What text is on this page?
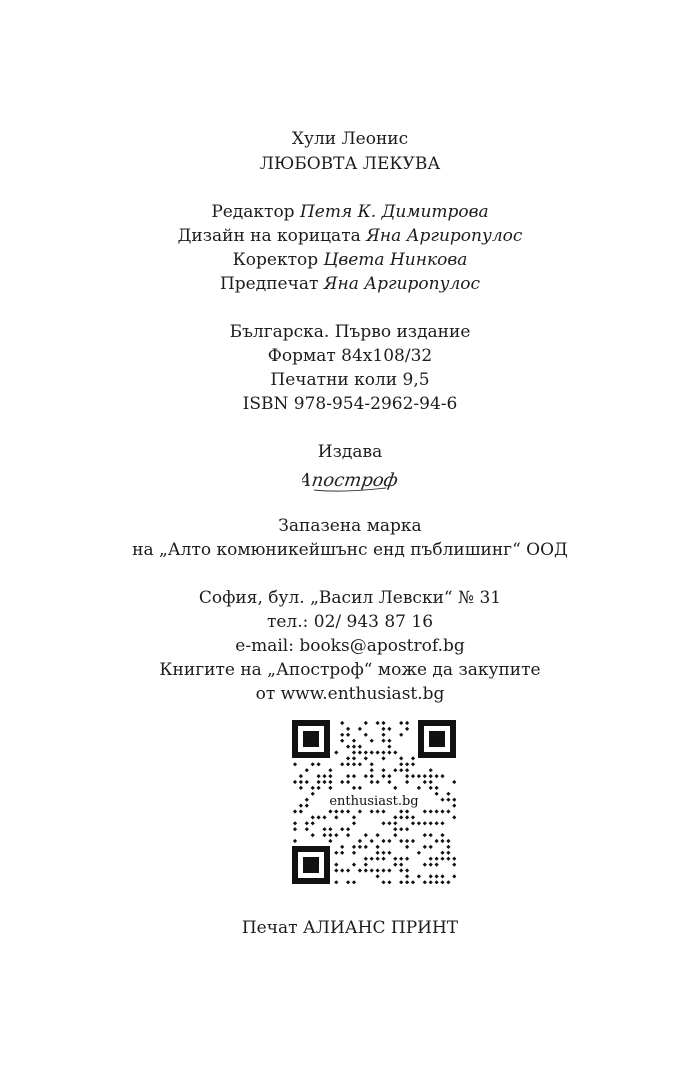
Хули Леонис
ЛЮБОВТА ЛЕКУВА
Редактор Петя К. Димитрова
Дизайн на корицата Яна Аргиропулос
Коректор Цвета Нинкова
Предпечат Яна Аргиропулос
Българска. Първо издание
Формат 84x108/32
Печатни коли 9,5
ISBN 978-954-2962-94-6
Издава
Апостроф
Запазена марка
на „Алто комюникейшънс енд пъблишинг“ ООД
София, бул. „Васил Левски“ № 31
тел.: 02/ 943 87 16
e-mail: books@apostrof.bg
Книгите на „Апостроф“ може да закупите
от www.enthusiast.bg
enthusiast.bg
Печат АЛИАНС ПРИНТ
